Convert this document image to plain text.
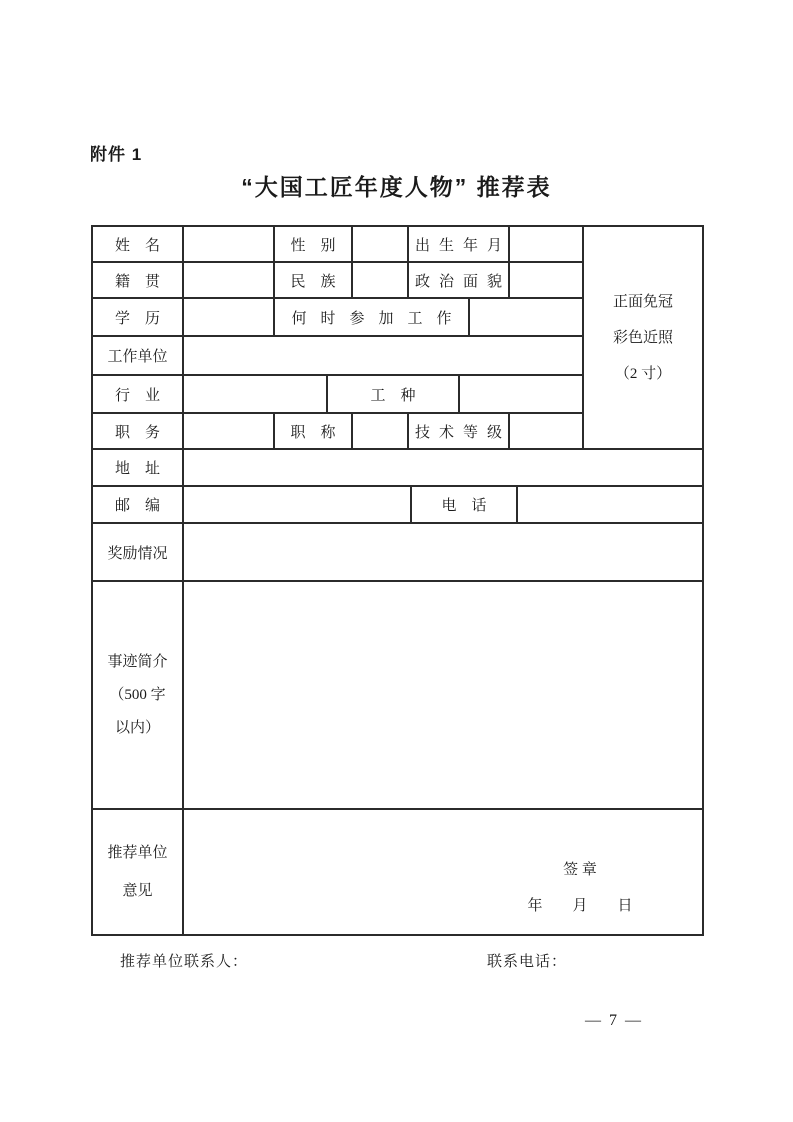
附件 1
“大国工匠年度人物” 推荐表
姓　名	性　别	出生年月
籍　贯	民　族	政治面貌
学　历	何时参加工作
工作单位
行　业	工　种
职　务	职　称	技术等级
正面免冠
彩色近照
（2 寸）
地　址
邮　编	电　话
奖励情况
事迹简介
（500 字
以内）
推荐单位
意见
签 章
年　　月　　日
推荐单位联系人：	联系电话：
— 7 —
